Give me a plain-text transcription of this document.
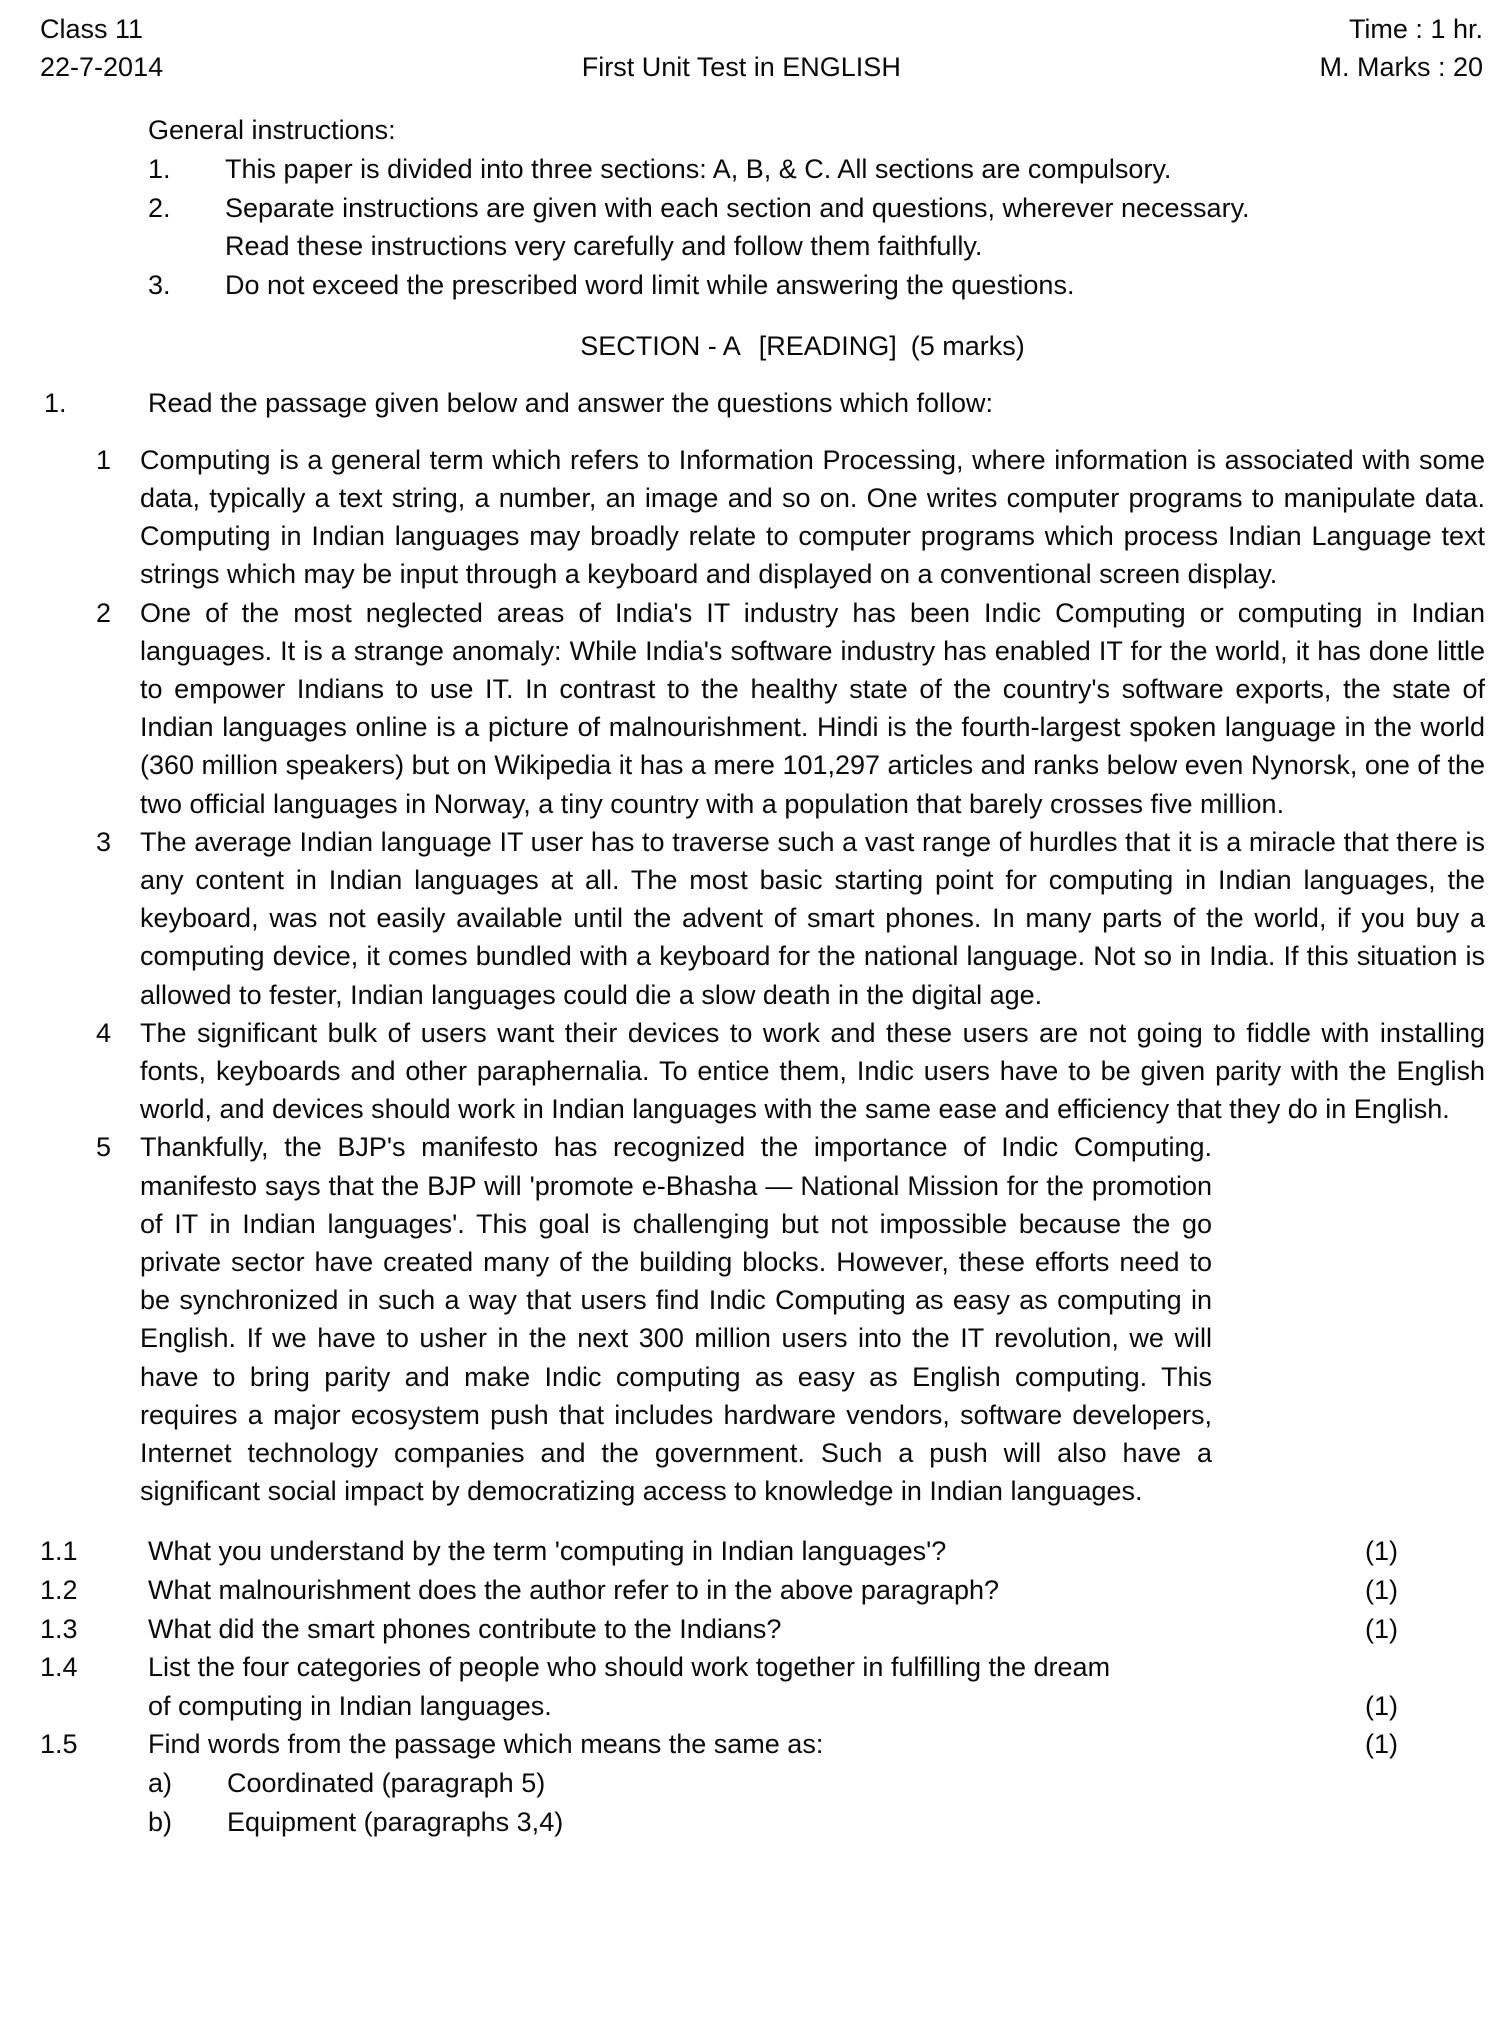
Class 11	Time : 1 hr.
22-7-2014	First Unit Test in ENGLISH	M. Marks : 20
General instructions:
1.	This paper is divided into three sections: A, B, & C. All sections are compulsory.
2.	Separate instructions are given with each section and questions, wherever necessary.
Read these instructions very carefully and follow them faithfully.
3.	Do not exceed the prescribed word limit while answering the questions.
SECTION - A [READING] (5 marks)
1.	Read the passage given below and answer the questions which follow:
1	Computing is a general term which refers to Information Processing, where information is associated with some data, typically a text string, a number, an image and so on. One writes computer programs to manipulate data. Computing in Indian languages may broadly relate to computer programs which process Indian Language text strings which may be input through a keyboard and displayed on a conventional screen display.
2	One of the most neglected areas of India's IT industry has been Indic Computing or computing in Indian languages. It is a strange anomaly: While India's software industry has enabled IT for the world, it has done little to empower Indians to use IT. In contrast to the healthy state of the country's software exports, the state of Indian languages online is a picture of malnourishment. Hindi is the fourth-largest spoken language in the world (360 million speakers) but on Wikipedia it has a mere 101,297 articles and ranks below even Nynorsk, one of the two official languages in Norway, a tiny country with a population that barely crosses five million.
3	The average Indian language IT user has to traverse such a vast range of hurdles that it is a miracle that there is any content in Indian languages at all. The most basic starting point for computing in Indian languages, the keyboard, was not easily available until the advent of smart phones. In many parts of the world, if you buy a computing device, it comes bundled with a keyboard for the national language. Not so in India. If this situation is allowed to fester, Indian languages could die a slow death in the digital age.
4	The significant bulk of users want their devices to work and these users are not going to fiddle with installing fonts, keyboards and other paraphernalia. To entice them, Indic users have to be given parity with the English world, and devices should work in Indian languages with the same ease and efficiency that they do in English.
5	Thankfully, the BJP's manifesto has recognized the importance of Indic Computing. manifesto says that the BJP will 'promote e-Bhasha — National Mission for the promotion of IT in Indian languages'. This goal is challenging but not impossible because the go private sector have created many of the building blocks. However, these efforts need to be synchronized in such a way that users find Indic Computing as easy as computing in English. If we have to usher in the next 300 million users into the IT revolution, we will have to bring parity and make Indic computing as easy as English computing. This requires a major ecosystem push that includes hardware vendors, software developers, Internet technology companies and the government. Such a push will also have a significant social impact by democratizing access to knowledge in Indian languages.
1.1	What you understand by the term 'computing in Indian languages'?	(1)
1.2	What malnourishment does the author refer to in the above paragraph?	(1)
1.3	What did the smart phones contribute to the Indians?	(1)
1.4	List the four categories of people who should work together in fulfilling the dream
of computing in Indian languages.	(1)
1.5	Find words from the passage which means the same as:	(1)
a)	Coordinated (paragraph 5)
b)	Equipment (paragraphs 3,4)
